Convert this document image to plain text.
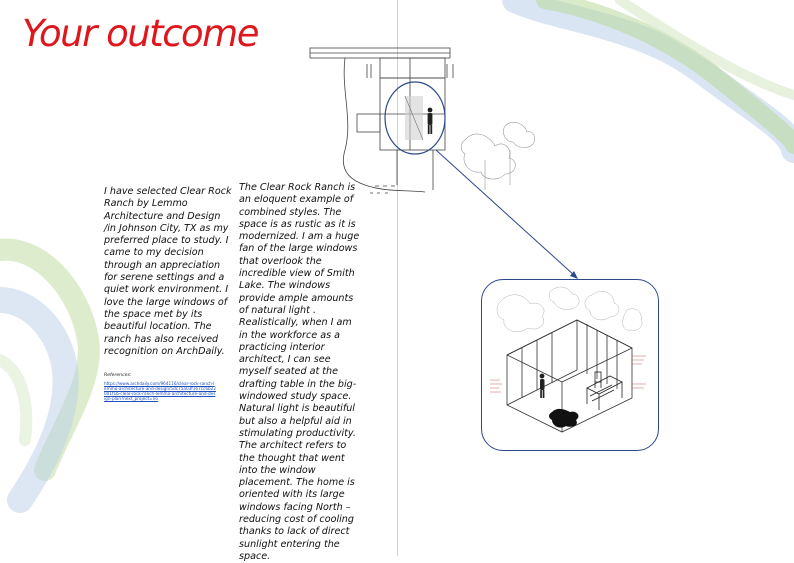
Your outcome

I have selected Clear Rock Ranch by Lemmo Architecture and Design /in Johnson City, TX as my preferred place to study. I came to my decision through an appreciation for serene settings and a quiet work environment. I love the large windows of the space met by its beautiful location. The ranch has also received recognition on ArchDaily.

References:
https://www.archdaily.com/964116/clear-rock-ranch-lemmo-architecture-and-design/5dc75a03f167cc6b22001f1b-clear-rock-ranch-lemmo-architecture-and-design-plan?next_project=no

The Clear Rock Ranch is an eloquent example of combined styles. The space is as rustic as it is modernized. I am a huge fan of the large windows that overlook the incredible view of Smith Lake. The windows provide ample amounts of natural light . Realistically, when I am in the workforce as a practicing interior architect, I can see myself seated at the drafting table in the big-windowed study space. Natural light is beautiful but also a helpful aid in stimulating productivity. The architect refers to the thought that went into the window placement. The home is oriented with its large windows facing North – reducing cost of cooling thanks to lack of direct sunlight entering the space.
